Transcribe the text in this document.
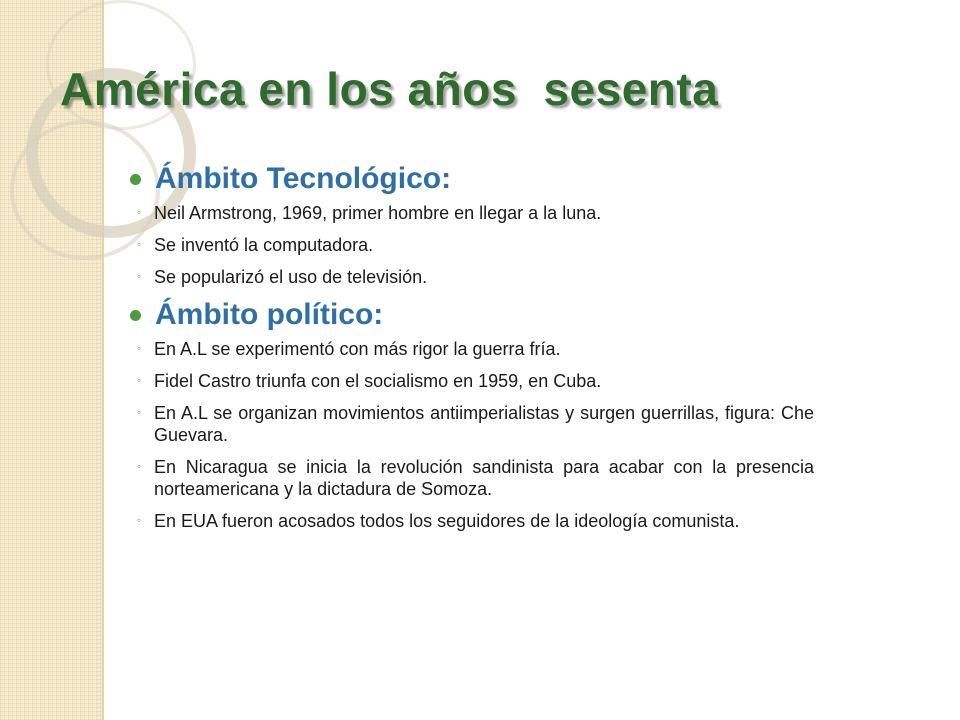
América en los años  sesenta
Ámbito Tecnológico:
◦ Neil Armstrong, 1969, primer hombre en llegar a la luna.
◦ Se inventó la computadora.
◦ Se popularizó el uso de televisión.
Ámbito político:
◦ En A.L se experimentó con más rigor la guerra fría.
◦ Fidel Castro triunfa con el socialismo en 1959, en Cuba.
◦ En A.L se organizan movimientos antiimperialistas y surgen guerrillas, figura: Che Guevara.
◦ En Nicaragua se inicia la revolución sandinista para acabar con la presencia norteamericana y la dictadura de Somoza.
◦ En EUA fueron acosados todos los seguidores de la ideología comunista.
